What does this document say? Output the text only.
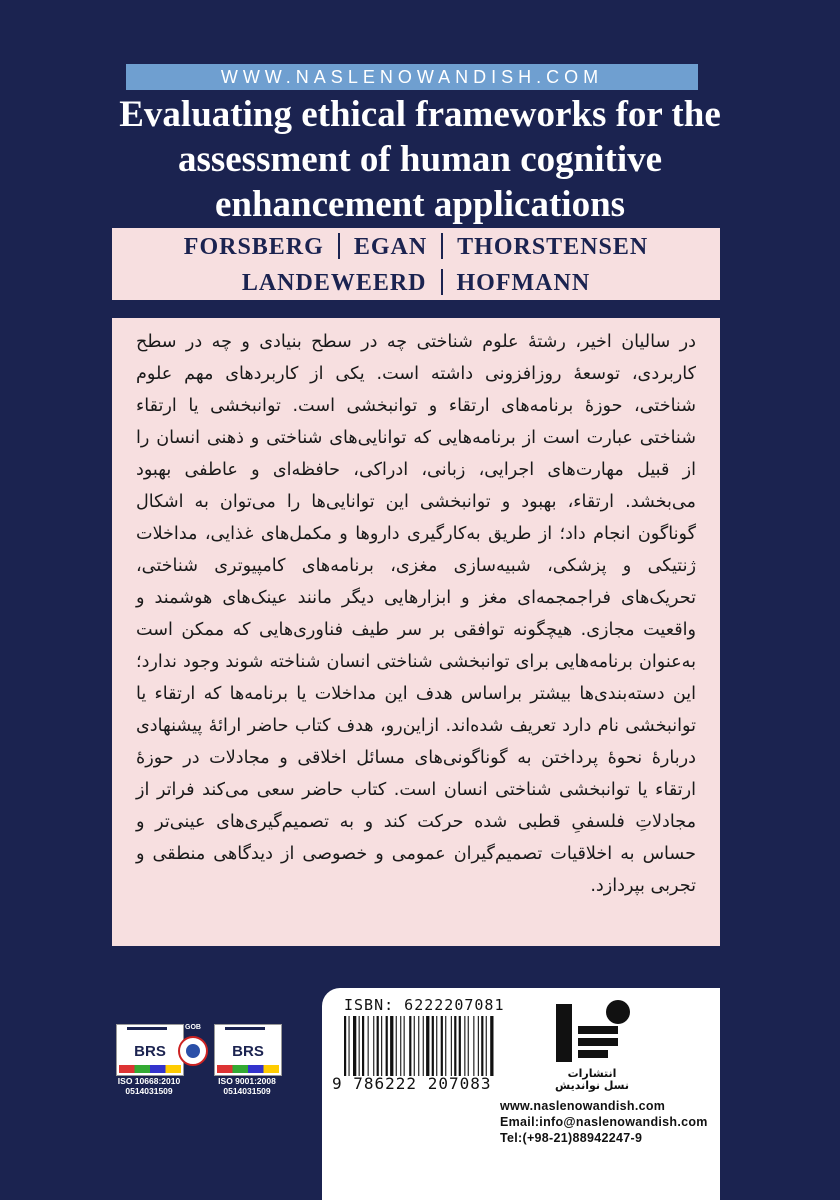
WWW.NASLENOWANDISH.COM
Evaluating ethical frameworks for the
assessment of human cognitive
enhancement applications
FORSBERG EGAN THORSTENSEN
LANDEWEERD HOFMANN

در سالیان اخیر، رشتهٔ علوم شناختی چه در سطح بنیادی و چه در سطح کاربردی، توسعهٔ روزافزونی داشته است. یکی از کاربردهای مهم علوم شناختی، حوزهٔ برنامه‌های ارتقاء و توانبخشی است. توانبخشی یا ارتقاء شناختی عبارت است از برنامه‌هایی که توانایی‌های شناختی و ذهنی انسان را از قبیل مهارت‌های اجرایی، زبانی، ادراکی، حافظه‌ای و عاطفی بهبود می‌بخشد. ارتقاء، بهبود و توانبخشی این توانایی‌ها را می‌توان به اشکال گوناگون انجام داد؛ از طریق به‌کارگیری داروها و مکمل‌های غذایی، مداخلات ژنتیکی و پزشکی، شبیه‌سازی مغزی، برنامه‌های کامپیوتری شناختی، تحریک‌های فراجمجمه‌ای مغز و ابزارهایی دیگر مانند عینک‌های هوشمند و واقعیت مجازی. هیچگونه توافقی بر سر طیف فناوری‌هایی که ممکن است به‌عنوان برنامه‌هایی برای توانبخشی شناختی انسان شناخته شوند وجود ندارد؛ این دسته‌بندی‌ها بیشتر براساس هدف این مداخلات یا برنامه‌ها که ارتقاء یا توانبخشی نام دارد تعریف شده‌اند. ازاین‌رو، هدف کتاب حاضر ارائهٔ پیشنهادی دربارهٔ نحوهٔ پرداختن به گوناگونی‌های مسائل اخلاقی و مجادلات در حوزهٔ ارتقاء یا توانبخشی شناختی انسان است. کتاب حاضر سعی می‌کند فراتر از مجادلاتِ فلسفیِ قطبی شده حرکت کند و به تصمیم‌گیری‌های عینی‌تر و حساس به اخلاقیات تصمیم‌گیران عمومی و خصوصی از دیدگاهی منطقی و تجربی بپردازد.

BRS
ISO 10668:2010
0514031509
GOB
BRS
ISO 9001:2008
0514031509
ISBN: 6222207081
9 786222 207083
انتشارات
نسل نواندیش
www.naslenowandish.com
Email:info@naslenowandish.com
Tel:(+98-21)88942247-9
